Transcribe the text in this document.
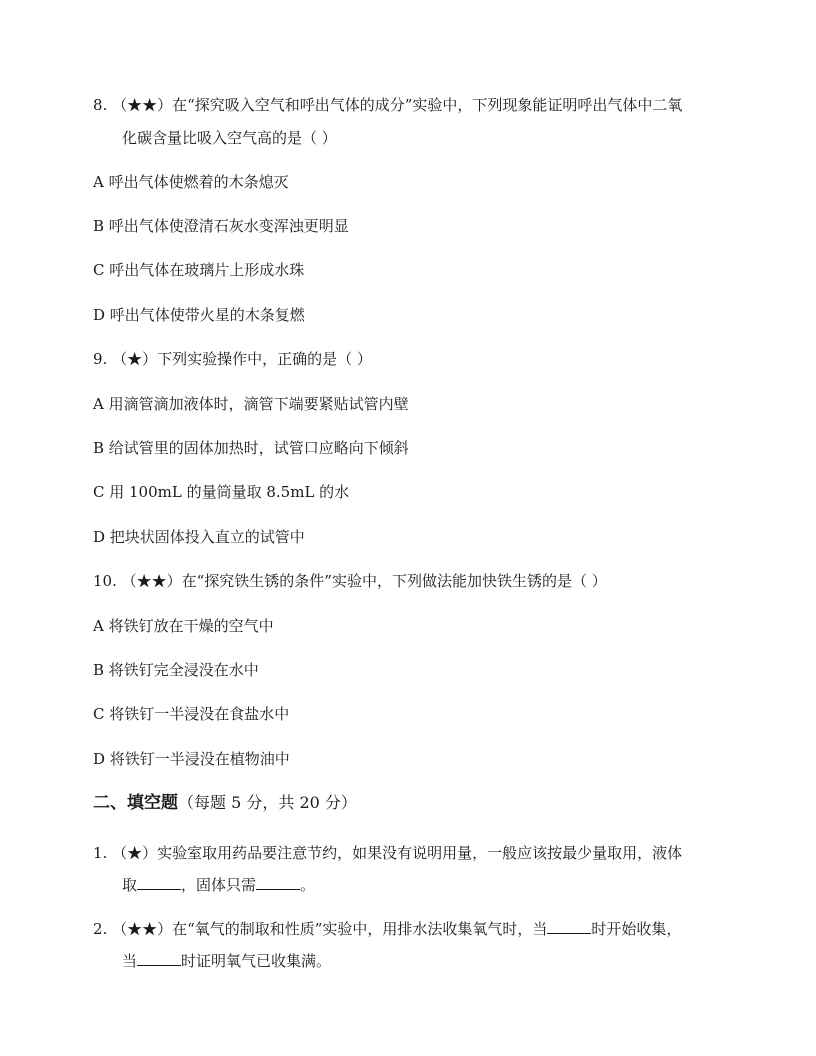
8. （★★）在“探究吸入空气和呼出气体的成分”实验中，下列现象能证明呼出气体中二氧
化碳含量比吸入空气高的是（ ）
A 呼出气体使燃着的木条熄灭
B 呼出气体使澄清石灰水变浑浊更明显
C 呼出气体在玻璃片上形成水珠
D 呼出气体使带火星的木条复燃
9. （★）下列实验操作中，正确的是（ ）
A 用滴管滴加液体时，滴管下端要紧贴试管内壁
B 给试管里的固体加热时，试管口应略向下倾斜
C 用 100mL 的量筒量取 8.5mL 的水
D 把块状固体投入直立的试管中
10. （★★）在“探究铁生锈的条件”实验中，下列做法能加快铁生锈的是（ ）
A 将铁钉放在干燥的空气中
B 将铁钉完全浸没在水中
C 将铁钉一半浸没在食盐水中
D 将铁钉一半浸没在植物油中
二、填空题（每题 5 分，共 20 分）
1. （★）实验室取用药品要注意节约，如果没有说明用量，一般应该按最少量取用，液体
取	，固体只需	。
2. （★★）在“氧气的制取和性质”实验中，用排水法收集氧气时，当	时开始收集，
当	时证明氧气已收集满。
